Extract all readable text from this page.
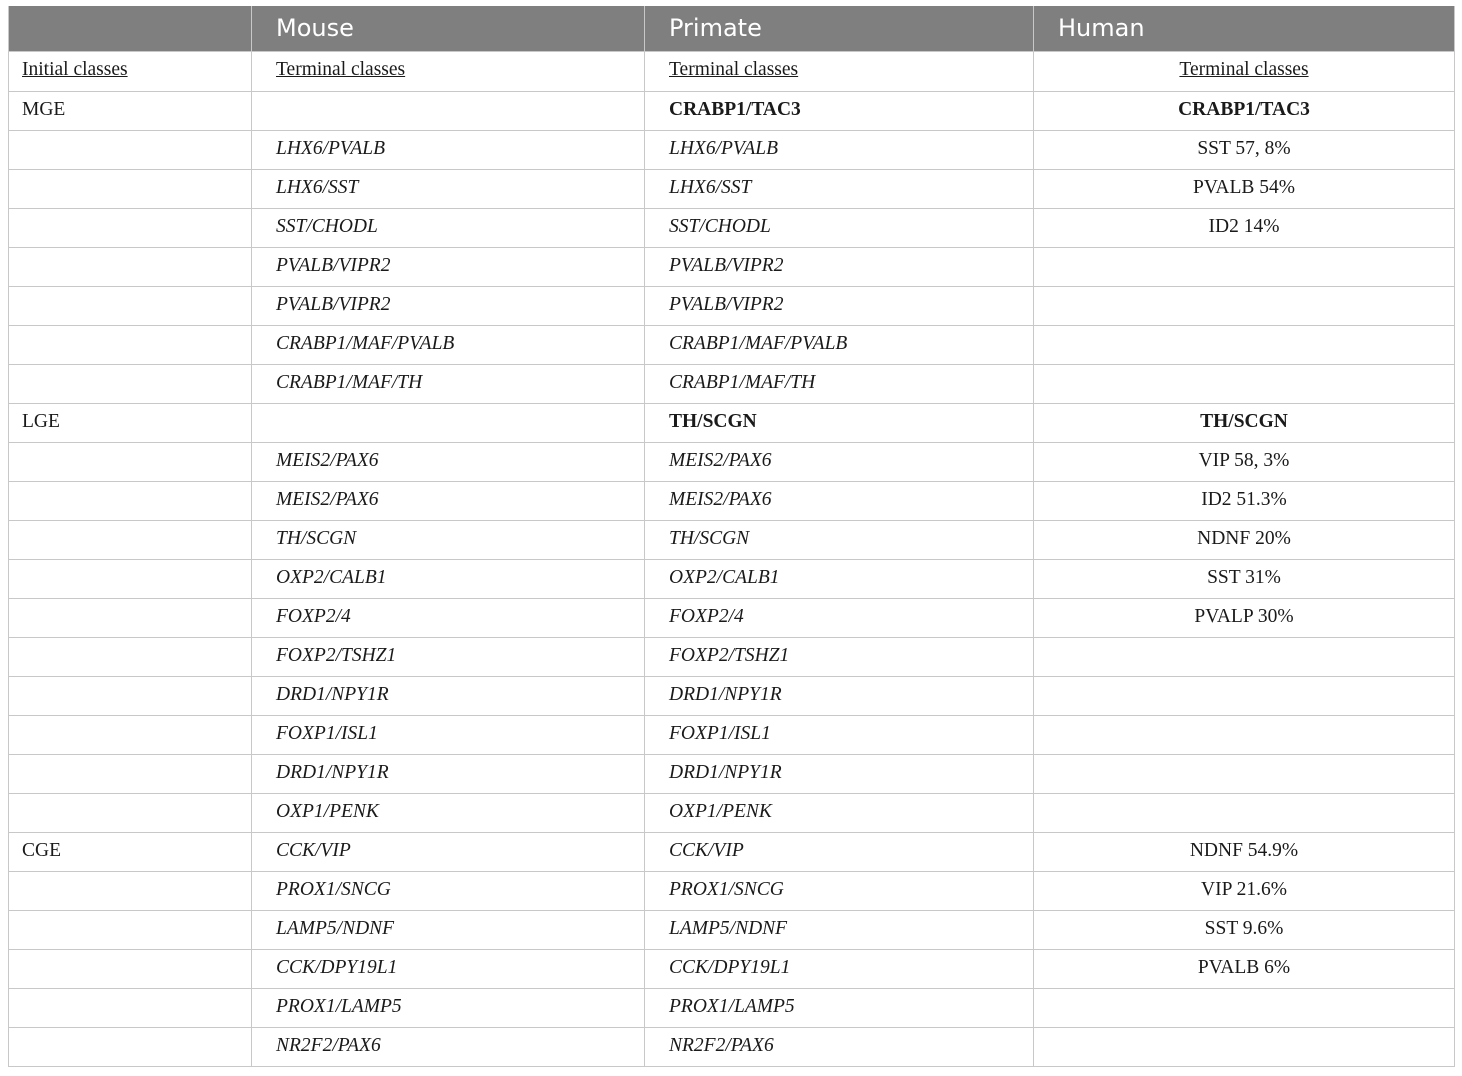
	Mouse	Primate	Human
Initial classes	Terminal classes	Terminal classes	Terminal classes
MGE		CRABP1/TAC3	CRABP1/TAC3
	LHX6/PVALB	LHX6/PVALB	SST 57, 8%
	LHX6/SST	LHX6/SST	PVALB 54%
	SST/CHODL	SST/CHODL	ID2 14%
	PVALB/VIPR2	PVALB/VIPR2	
	PVALB/VIPR2	PVALB/VIPR2	
	CRABP1/MAF/PVALB	CRABP1/MAF/PVALB	
	CRABP1/MAF/TH	CRABP1/MAF/TH	
LGE		TH/SCGN	TH/SCGN
	MEIS2/PAX6	MEIS2/PAX6	VIP 58, 3%
	MEIS2/PAX6	MEIS2/PAX6	ID2 51.3%
	TH/SCGN	TH/SCGN	NDNF 20%
	OXP2/CALB1	OXP2/CALB1	SST 31%
	FOXP2/4	FOXP2/4	PVALP 30%
	FOXP2/TSHZ1	FOXP2/TSHZ1	
	DRD1/NPY1R	DRD1/NPY1R	
	FOXP1/ISL1	FOXP1/ISL1	
	DRD1/NPY1R	DRD1/NPY1R	
	OXP1/PENK	OXP1/PENK	
CGE	CCK/VIP	CCK/VIP	NDNF 54.9%
	PROX1/SNCG	PROX1/SNCG	VIP 21.6%
	LAMP5/NDNF	LAMP5/NDNF	SST 9.6%
	CCK/DPY19L1	CCK/DPY19L1	PVALB 6%
	PROX1/LAMP5	PROX1/LAMP5	
	NR2F2/PAX6	NR2F2/PAX6	
